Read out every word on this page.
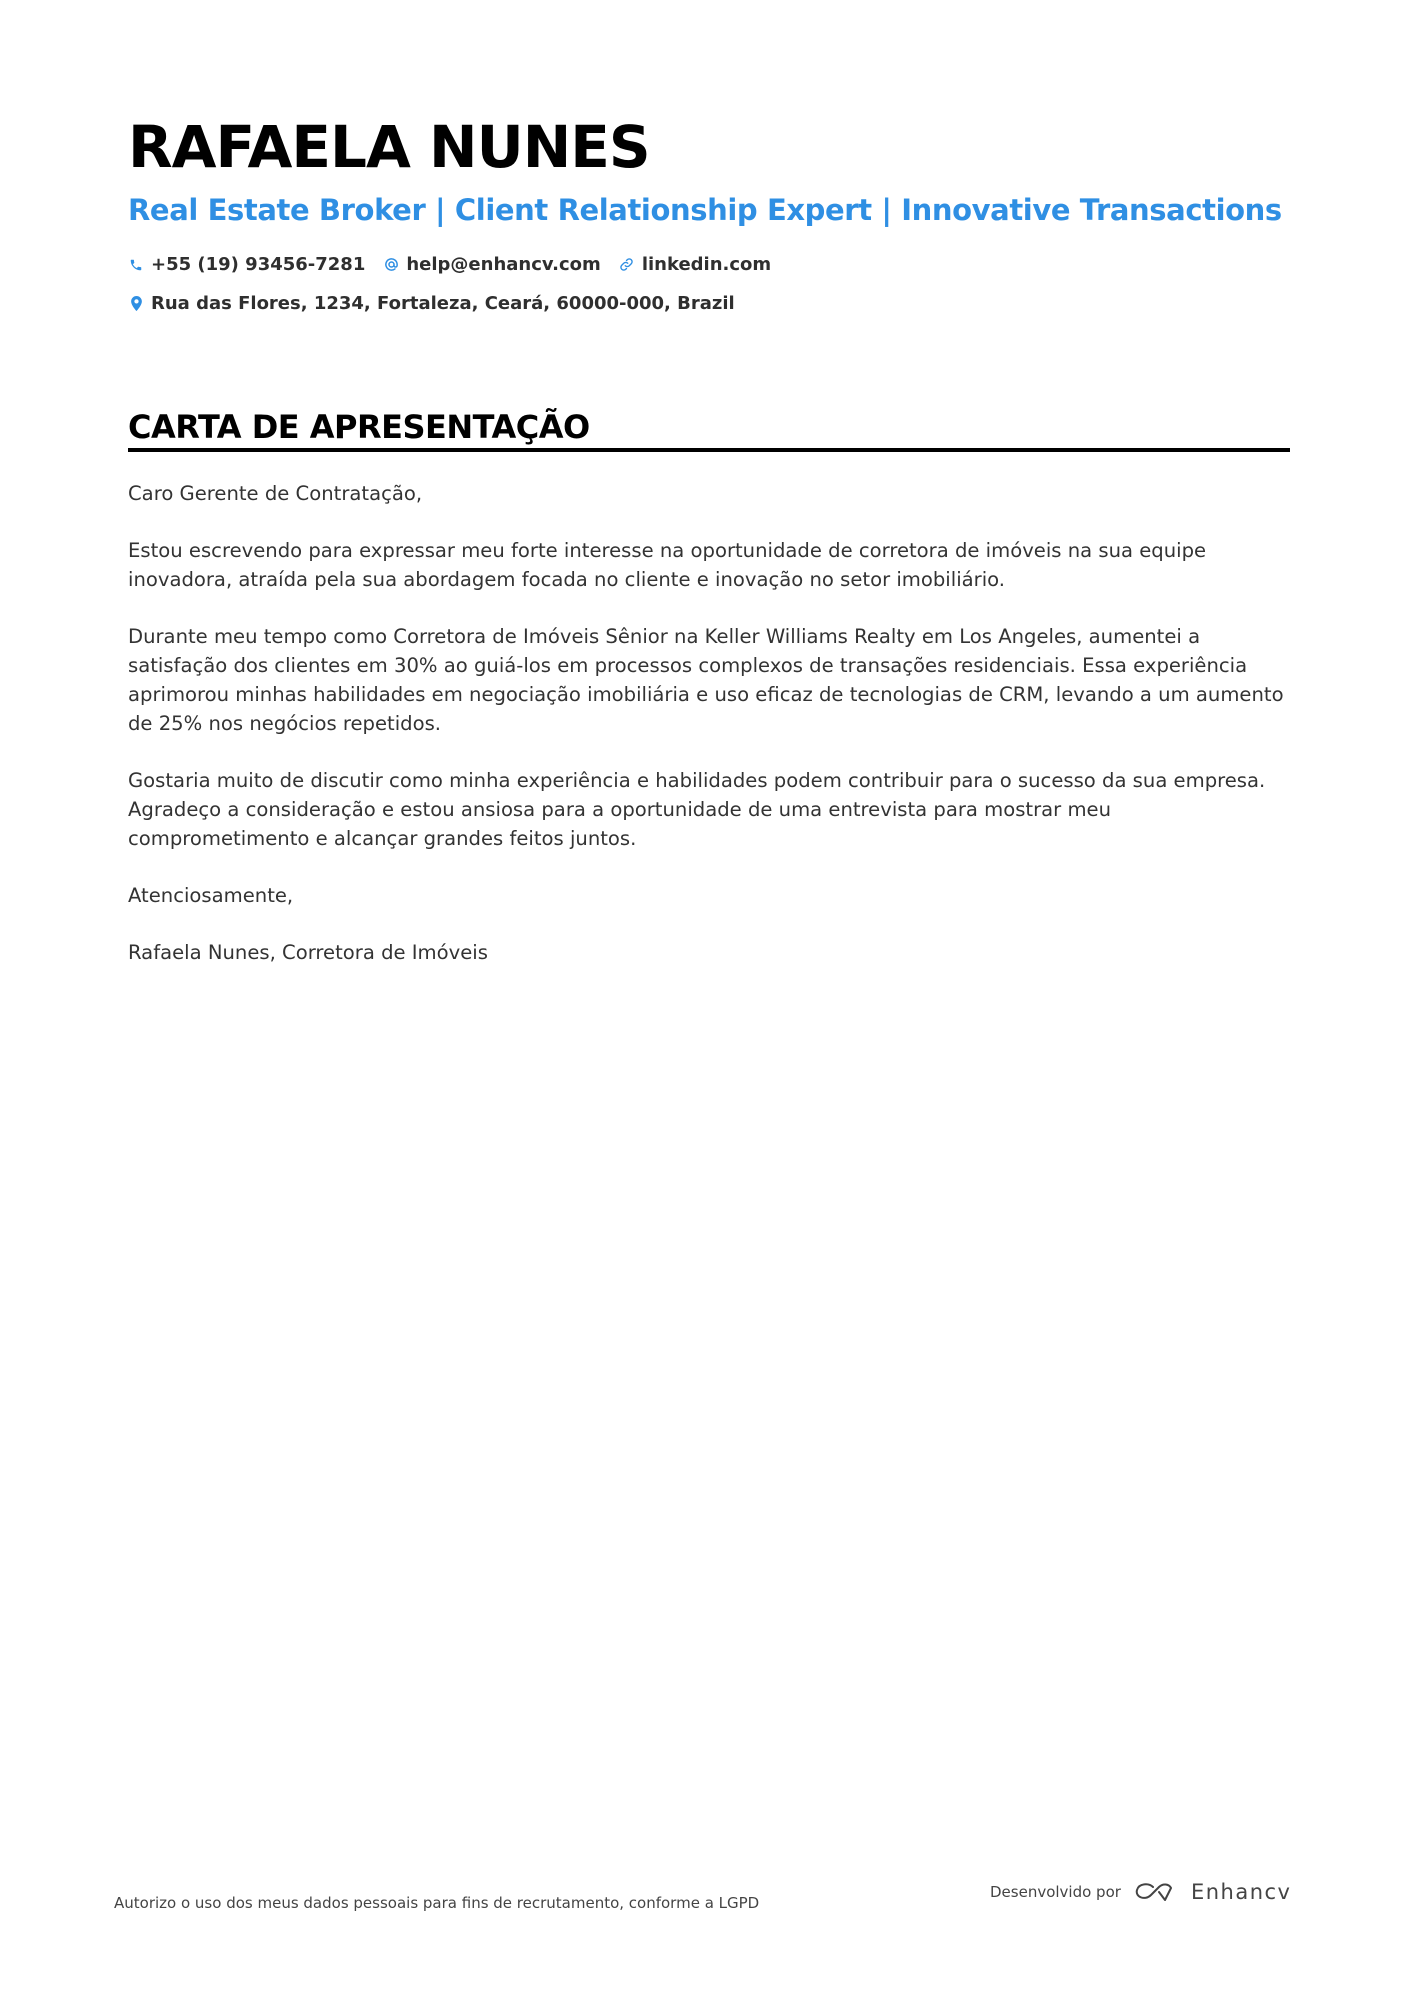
RAFAELA NUNES
Real Estate Broker | Client Relationship Expert | Innovative Transactions
+55 (19) 93456-7281 help@enhancv.com linkedin.com
Rua das Flores, 1234, Fortaleza, Ceará, 60000-000, Brazil
CARTA DE APRESENTAÇÃO

Caro Gerente de Contratação,

Estou escrevendo para expressar meu forte interesse na oportunidade de corretora de imóveis na sua equipe inovadora, atraída pela sua abordagem focada no cliente e inovação no setor imobiliário.

Durante meu tempo como Corretora de Imóveis Sênior na Keller Williams Realty em Los Angeles, aumentei a satisfação dos clientes em 30% ao guiá-los em processos complexos de transações residenciais. Essa experiência aprimorou minhas habilidades em negociação imobiliária e uso eficaz de tecnologias de CRM, levando a um aumento de 25% nos negócios repetidos.

Gostaria muito de discutir como minha experiência e habilidades podem contribuir para o sucesso da sua empresa. Agradeço a consideração e estou ansiosa para a oportunidade de uma entrevista para mostrar meu comprometimento e alcançar grandes feitos juntos.

Atenciosamente,

Rafaela Nunes, Corretora de Imóveis

Autorizo o uso dos meus dados pessoais para fins de recrutamento, conforme a LGPD
Desenvolvido por	Enhancv
